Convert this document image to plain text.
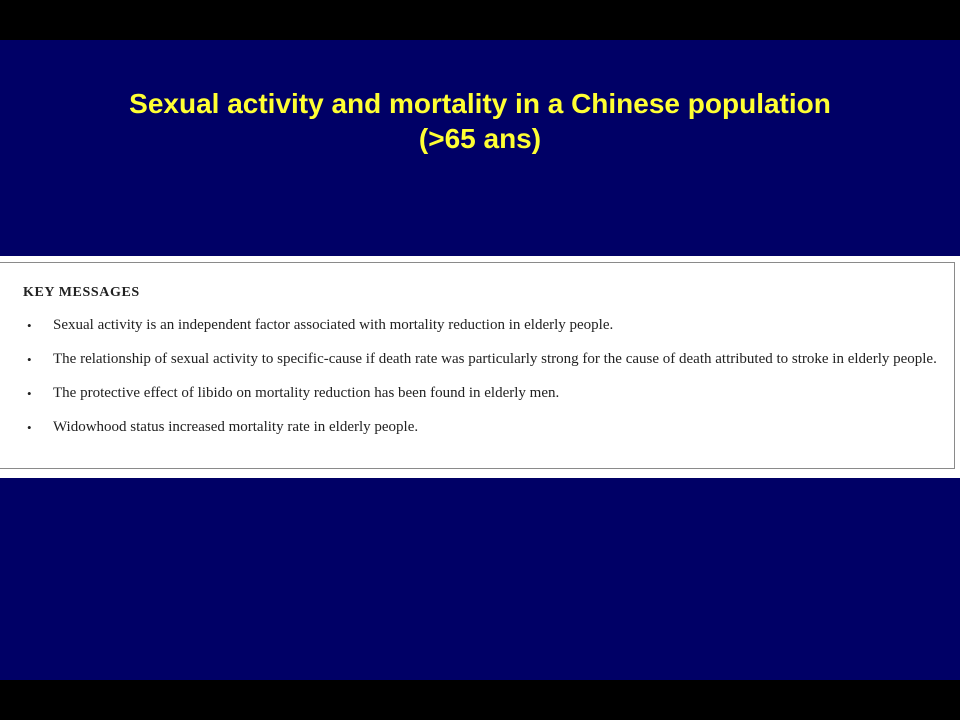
Sexual activity and mortality in a Chinese population
(>65 ans)
KEY MESSAGES
• Sexual activity is an independent factor associated with mortality reduction in elderly people.
• The relationship of sexual activity to specific-cause if death rate was particularly strong for the cause of death attributed to stroke in elderly people.
• The protective effect of libido on mortality reduction has been found in elderly men.
• Widowhood status increased mortality rate in elderly people.
